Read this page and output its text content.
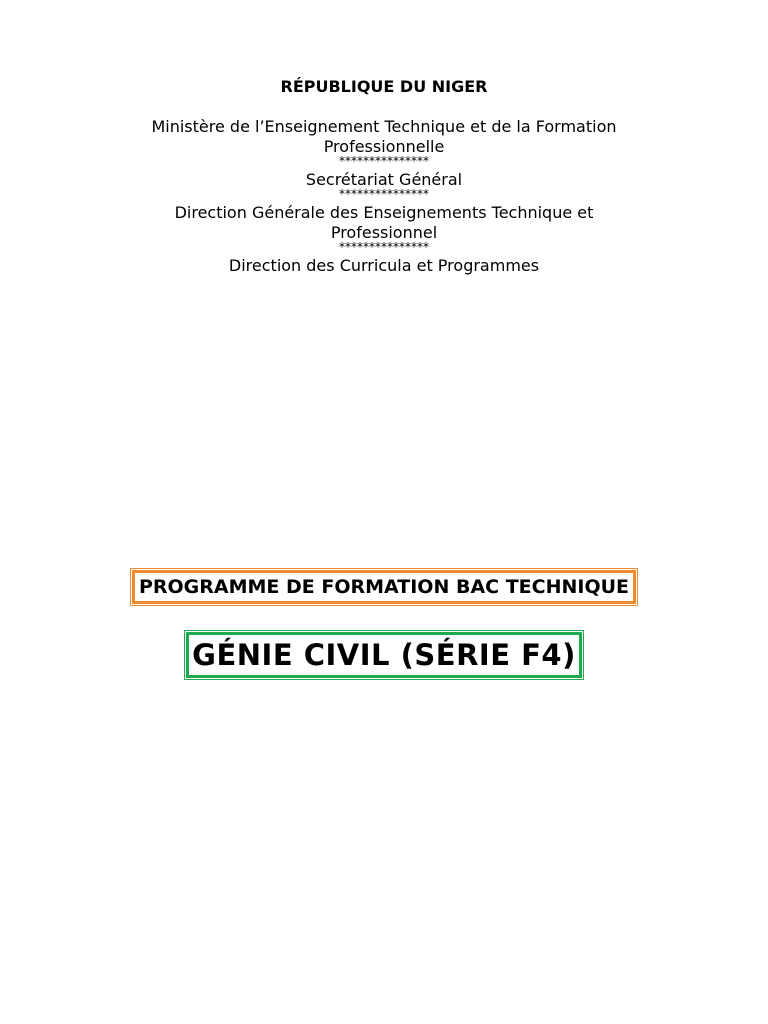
RÉPUBLIQUE DU NIGER

Ministère de l’Enseignement Technique et de la Formation

Professionnelle

***************

Secrétariat Général

***************

Direction Générale des Enseignements Technique et

Professionnel

***************

Direction des Curricula et Programmes

PROGRAMME DE FORMATION BAC TECHNIQUE
GÉNIE CIVIL (SÉRIE F4)
